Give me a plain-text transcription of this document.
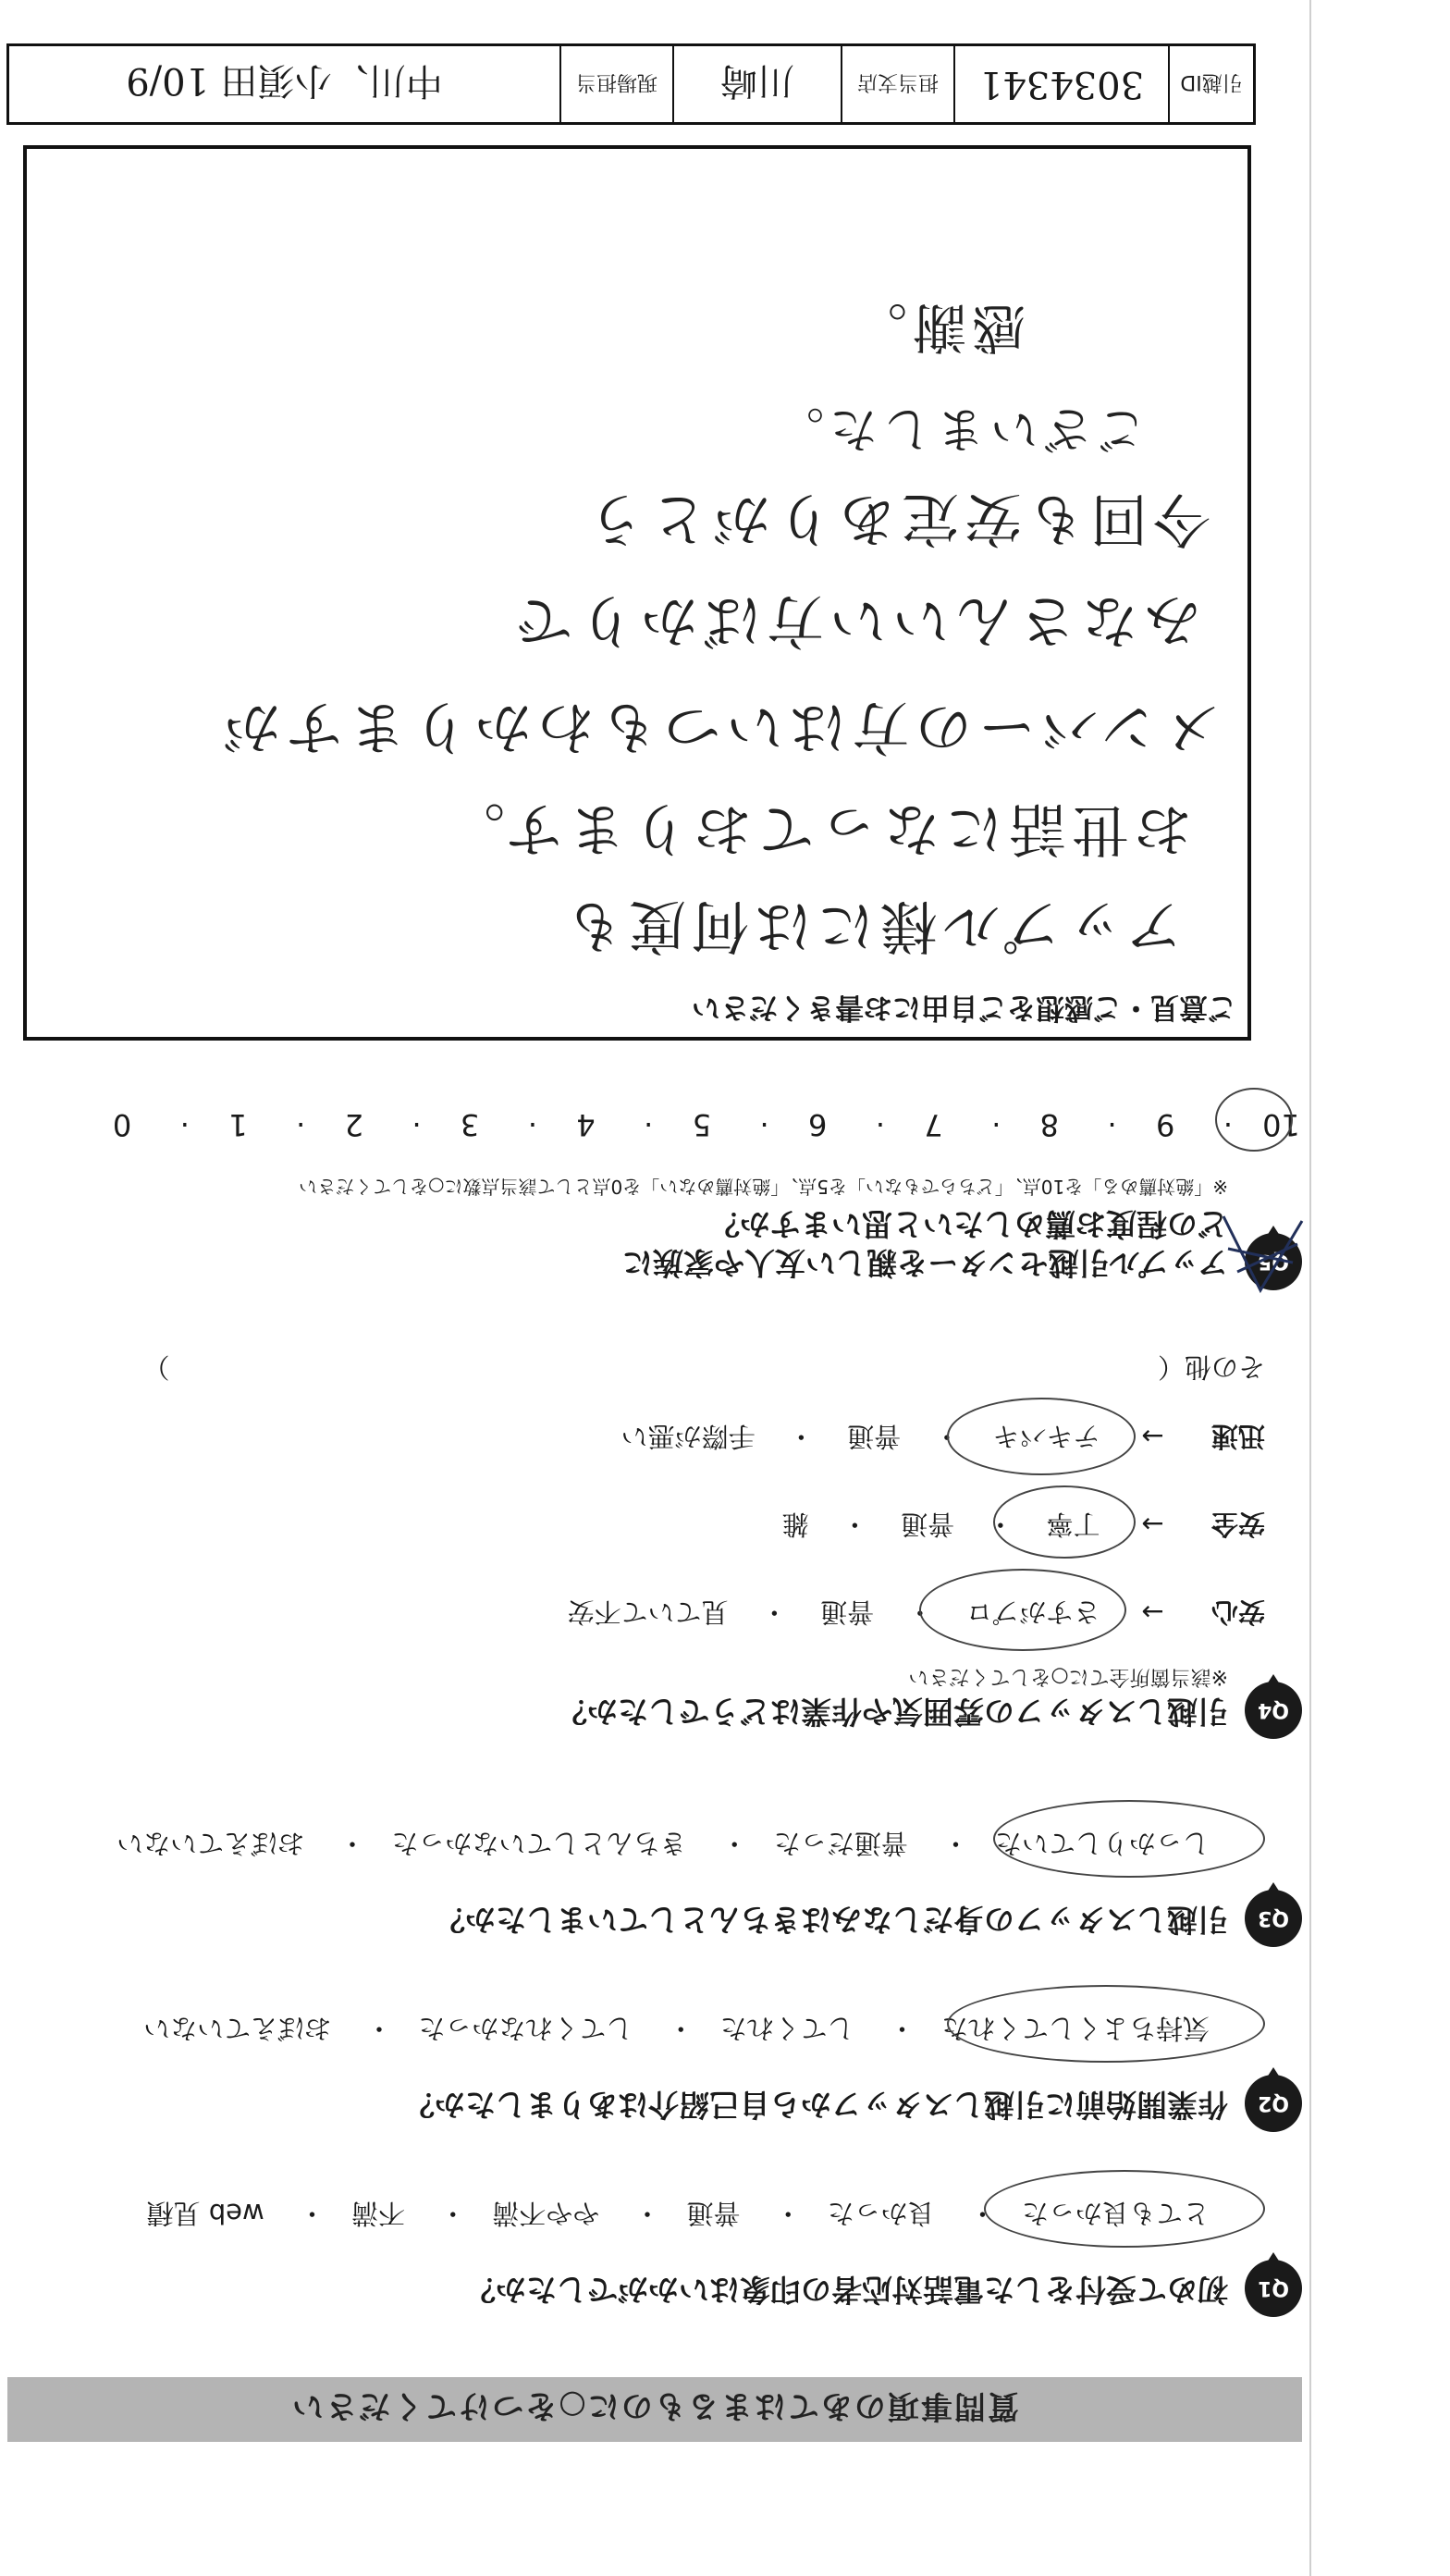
質問事項のあてはまるものに○をつけてください
Q1
初めて受付をした電話対応者の印象はいかがでしたか？
とても良かった・ 良かった・ 普通・ やや不満・ 不満・ web 見積
Q2
作業開始前に引越しスタッフから自己紹介はありましたか？
気持ちよくしてくれた・ してくれた・ してくれなかった・ おぼえていない
Q3
引越しスタッフの身だしなみはきちんとしていましたか？
しっかりしていた・ 普通だった・ きちんとしていなかった・ おぼえていない
Q4
引越しスタッフの雰囲気や作業はどうでしたか？
※該当箇所全てに○をしてください
安心 → さすがプロ ・ 普通 ・ 見ていて不安
安全 → 丁寧 ・ 普通 ・ 雑
迅速 → テキパキ ・ 普通 ・ 手際が悪い
その他（  ）
Q5
アップル引越センターを親しい友人や家族に
どの程度お薦めしたいと思いますか？
※「絶対薦める」を10点、「どちらでもない」を5点、「絶対薦めない」を0点として該当点数に○をしてください
10· 9· 8· 7· 6· 5· 4· 3· 2· 1· 0
ご意見・ご感想をご自由にお書きください
アップル様には何度も
お世話になっております。
メンバーの方はいつもわかりますが
みなさんいい方ばかりで
今回も安定ありがとう
ございました。
感謝。
引越ID
3034341
担当支店
川崎
現場担当
中川、小須田 10/9
